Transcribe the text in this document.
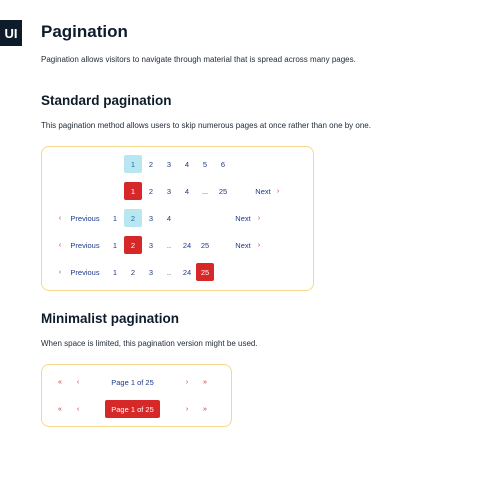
UI Pagination
Pagination allows visitors to navigate through material that is spread across many pages.
Standard pagination
This pagination method allows users to skip numerous pages at once rather than one by one.
1	2	3	4	5	6
1	2	3	4	...	25	Next ›
‹	Previous	1	2	3	4	Next	›
‹	Previous	1	2	3	..	24	25	Next	›
‹	Previous	1	2	3	..	24	25
Minimalist pagination
When space is limited, this pagination version might be used.
«	‹	Page 1 of 25	›	»
«	‹	Page 1 of 25	›	»
